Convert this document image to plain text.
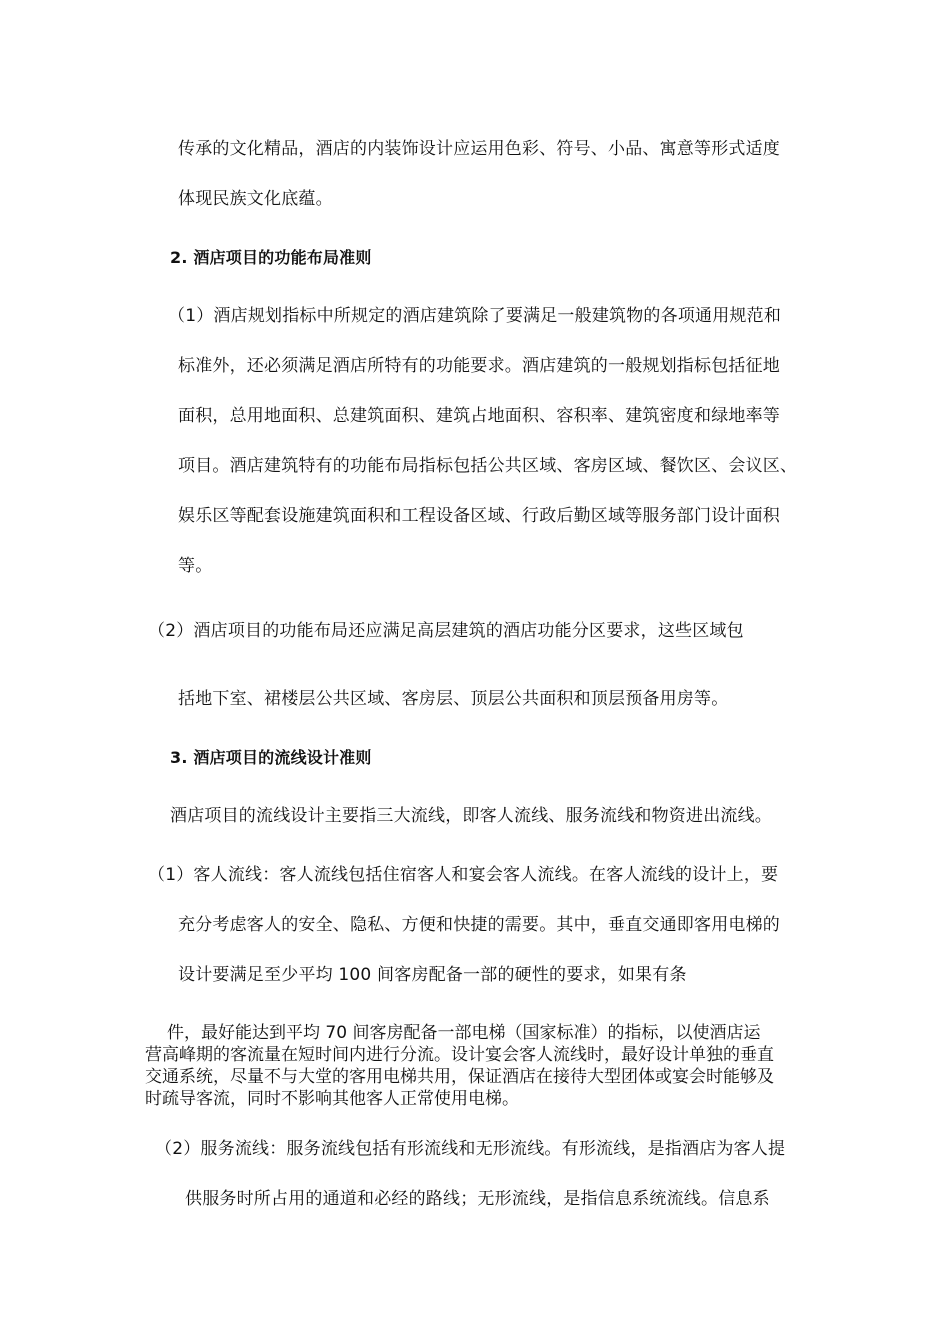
传承的文化精品，酒店的内装饰设计应运用色彩、符号、小品、寓意等形式适度
体现民族文化底蕴。
2. 酒店项目的功能布局准则
（1）酒店规划指标中所规定的酒店建筑除了要满足一般建筑物的各项通用规范和
标准外，还必须满足酒店所特有的功能要求。酒店建筑的一般规划指标包括征地
面积，总用地面积、总建筑面积、建筑占地面积、容积率、建筑密度和绿地率等
项目。酒店建筑特有的功能布局指标包括公共区域、客房区域、餐饮区、会议区、
娱乐区等配套设施建筑面积和工程设备区域、行政后勤区域等服务部门设计面积
等。
（2）酒店项目的功能布局还应满足高层建筑的酒店功能分区要求，这些区域包
括地下室、裙楼层公共区域、客房层、顶层公共面积和顶层预备用房等。
3. 酒店项目的流线设计准则
酒店项目的流线设计主要指三大流线，即客人流线、服务流线和物资进出流线。
（1）客人流线：客人流线包括住宿客人和宴会客人流线。在客人流线的设计上，要
充分考虑客人的安全、隐私、方便和快捷的需要。其中，垂直交通即客用电梯的
设计要满足至少平均 100 间客房配备一部的硬性的要求，如果有条
件，最好能达到平均 70 间客房配备一部电梯（国家标准）的指标，以使酒店运
营高峰期的客流量在短时间内进行分流。设计宴会客人流线时，最好设计单独的垂直
交通系统，尽量不与大堂的客用电梯共用，保证酒店在接待大型团体或宴会时能够及
时疏导客流，同时不影响其他客人正常使用电梯。
（2）服务流线：服务流线包括有形流线和无形流线。有形流线，是指酒店为客人提
供服务时所占用的通道和必经的路线；无形流线，是指信息系统流线。信息系
